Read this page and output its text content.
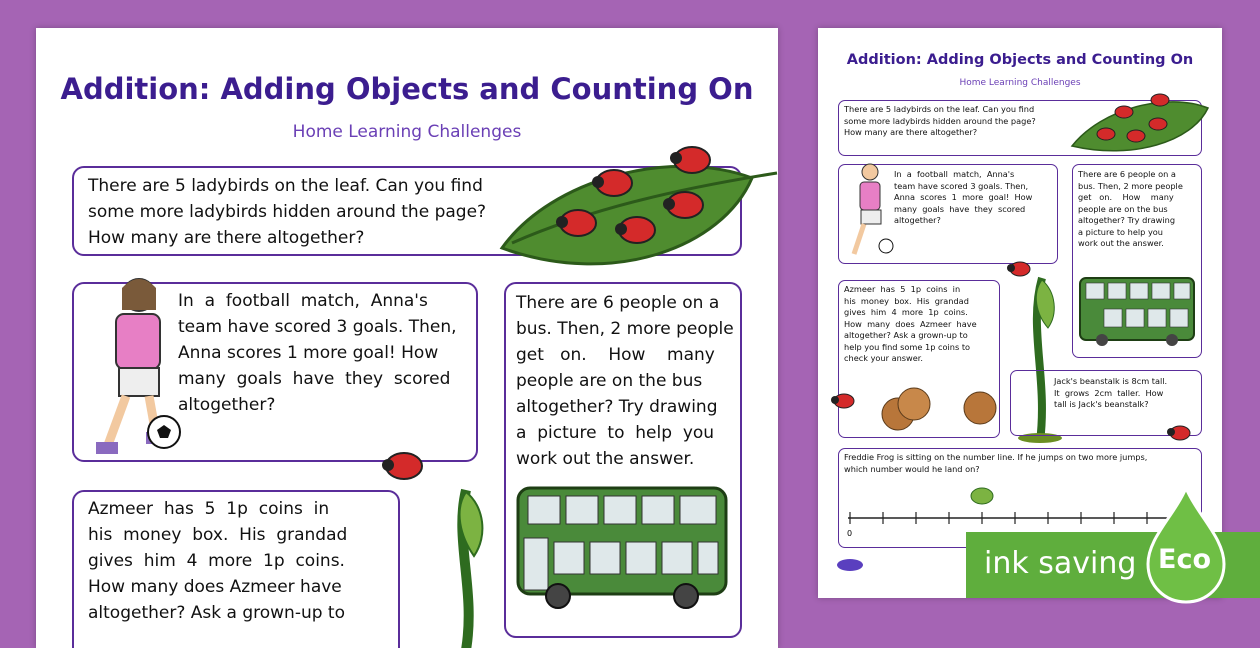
Addition: Adding Objects and Counting On
Home Learning Challenges
There are 5 ladybirds on the leaf. Can you find
some more ladybirds hidden around the page?
How many are there altogether?
In  a  football  match,  Anna's
team have scored 3 goals. Then,
Anna scores 1 more goal! How
many  goals  have  they  scored
altogether?
There are 6 people on a
bus. Then, 2 more people
get   on.    How    many
people are on the bus
altogether? Try drawing
a  picture  to  help  you
work out the answer.
Azmeer  has  5  1p  coins  in
his  money  box.  His  grandad
gives  him  4  more  1p  coins.
How many does Azmeer have
altogether? Ask a grown-up to
Addition: Adding Objects and Counting On
Home Learning Challenges
There are 5 ladybirds on the leaf. Can you find
some more ladybirds hidden around the page?
How many are there altogether?
In  a  football  match,  Anna's
team have scored 3 goals. Then,
Anna  scores  1  more  goal!  How
many  goals  have  they  scored
altogether?
There are 6 people on a
bus. Then, 2 more people
get   on.    How    many
people are on the bus
altogether? Try drawing
a picture to help you
work out the answer.
Azmeer  has  5  1p  coins  in
his  money  box.  His  grandad
gives  him  4  more  1p  coins.
How  many  does  Azmeer  have
altogether? Ask a grown-up to
help you find some 1p coins to
check your answer.
Jack's beanstalk is 8cm tall.
It  grows  2cm  taller.  How
tall is Jack's beanstalk?
Freddie Frog is sitting on the number line. If he jumps on two more jumps,
which number would he land on?
0
ink saving Eco
